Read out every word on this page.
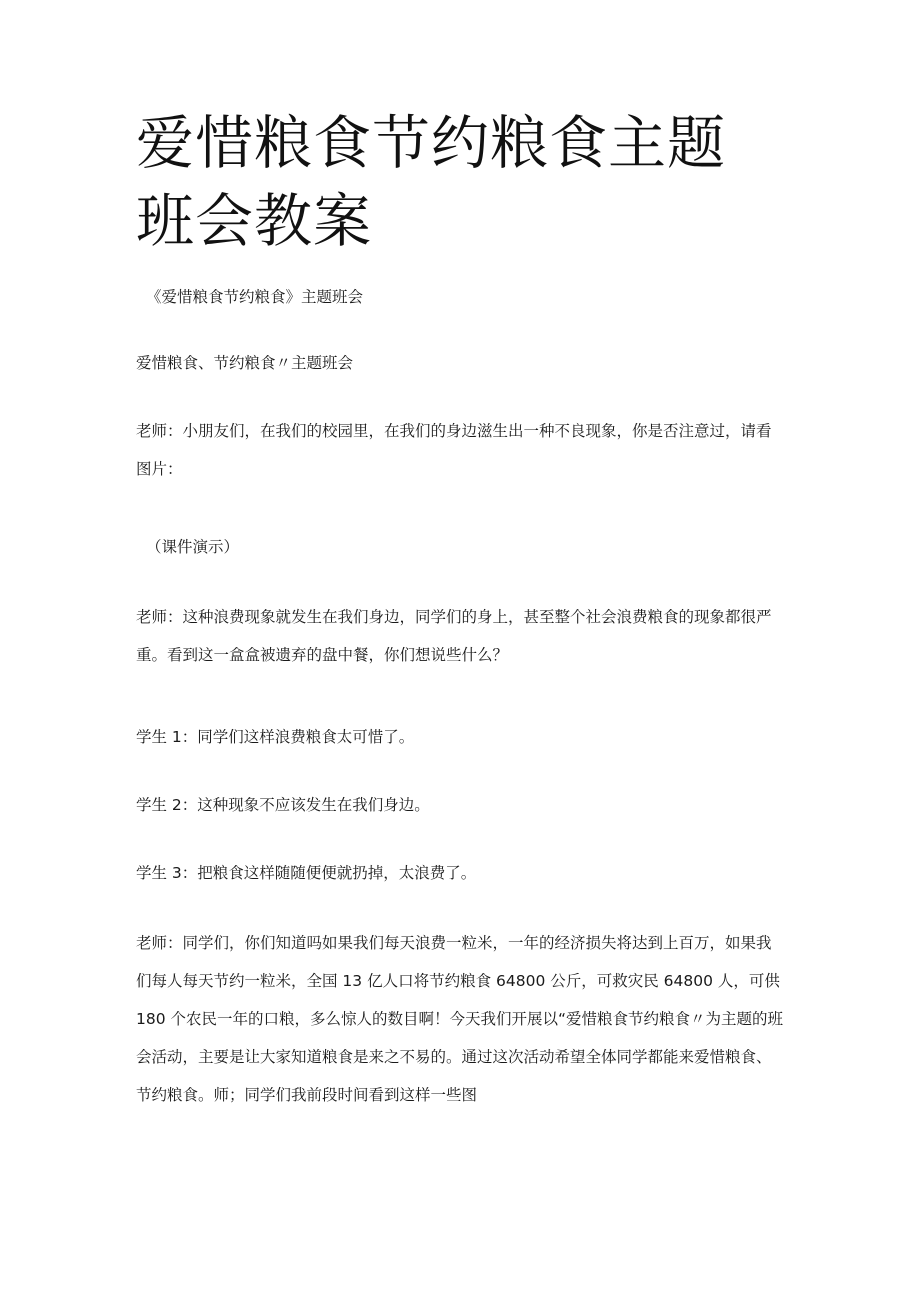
爱惜粮食节约粮食主题班会教案

《爱惜粮食节约粮食》主题班会

爱惜粮食、节约粮食〃主题班会

老师：小朋友们，在我们的校园里，在我们的身边滋生出一种不良现象，你是否注意过，请看图片：

（课件演示）

老师：这种浪费现象就发生在我们身边，同学们的身上，甚至整个社会浪费粮食的现象都很严重。看到这一盒盒被遗弃的盘中餐，你们想说些什么？

学生 1：同学们这样浪费粮食太可惜了。

学生 2：这种现象不应该发生在我们身边。

学生 3：把粮食这样随随便便就扔掉，太浪费了。

老师：同学们，你们知道吗如果我们每天浪费一粒米，一年的经济损失将达到上百万，如果我们每人每天节约一粒米，全国 13 亿人口将节约粮食 64800 公斤，可救灾民 64800 人，可供 180 个农民一年的口粮，多么惊人的数目啊！今天我们开展以“爱惜粮食节约粮食〃为主题的班会活动，主要是让大家知道粮食是来之不易的。通过这次活动希望全体同学都能来爱惜粮食、节约粮食。师；同学们我前段时间看到这样一些图
